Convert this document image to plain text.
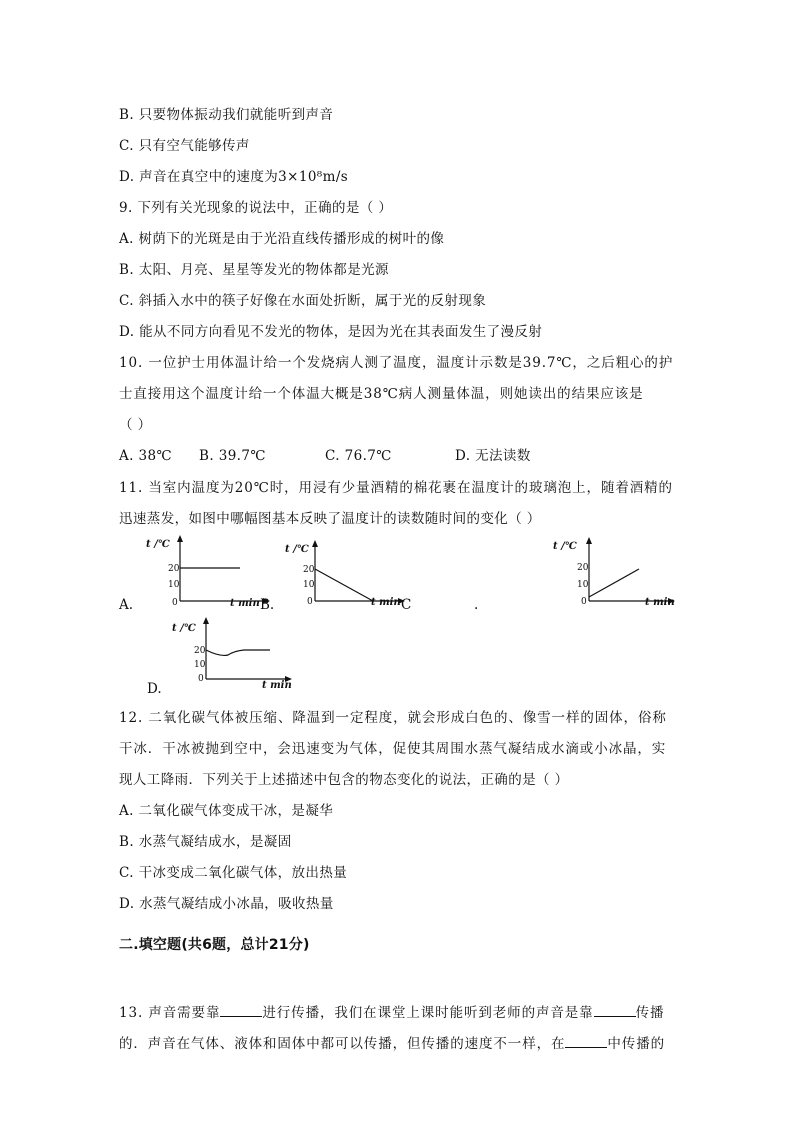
B. 只要物体振动我们就能听到声音
C. 只有空气能够传声
D. 声音在真空中的速度为3×10⁸m/s
9. 下列有关光现象的说法中，正确的是（ ）
A. 树荫下的光斑是由于光沿直线传播形成的树叶的像
B. 太阳、月亮、星星等发光的物体都是光源
C. 斜插入水中的筷子好像在水面处折断，属于光的反射现象
D. 能从不同方向看见不发光的物体，是因为光在其表面发生了漫反射
10. 一位护士用体温计给一个发烧病人测了温度，温度计示数是39.7℃，之后粗心的护
士直接用这个温度计给一个体温大概是38℃病人测量体温，则她读出的结果应该是
（ ）
A. 38℃ B. 39.7℃	C. 76.7℃	D. 无法读数
11. 当室内温度为20℃时，用浸有少量酒精的棉花裹在温度计的玻璃泡上，随着酒精的
迅速蒸发，如图中哪幅图基本反映了温度计的读数随时间的变化（ ）
A.
t /℃
20
10
0	t min B.
t /℃
20
10
0	t min C	.
t /℃
20
10
0	t min
D.
t /℃
20
10
0
t min
12. 二氧化碳气体被压缩、降温到一定程度，就会形成白色的、像雪一样的固体，俗称
干冰．干冰被抛到空中，会迅速变为气体，促使其周围水蒸气凝结成水滴或小冰晶，实
现人工降雨．下列关于上述描述中包含的物态变化的说法，正确的是（ ）
A. 二氧化碳气体变成干冰，是凝华
B. 水蒸气凝结成水，是凝固
C. 干冰变成二氧化碳气体，放出热量
D. 水蒸气凝结成小冰晶，吸收热量
二.填空题(共6题，总计21分)
13. 声音需要靠	进行传播，我们在课堂上课时能听到老师的声音是靠	传播
的．声音在气体、液体和固体中都可以传播，但传播的速度不一样，在	中传播的
